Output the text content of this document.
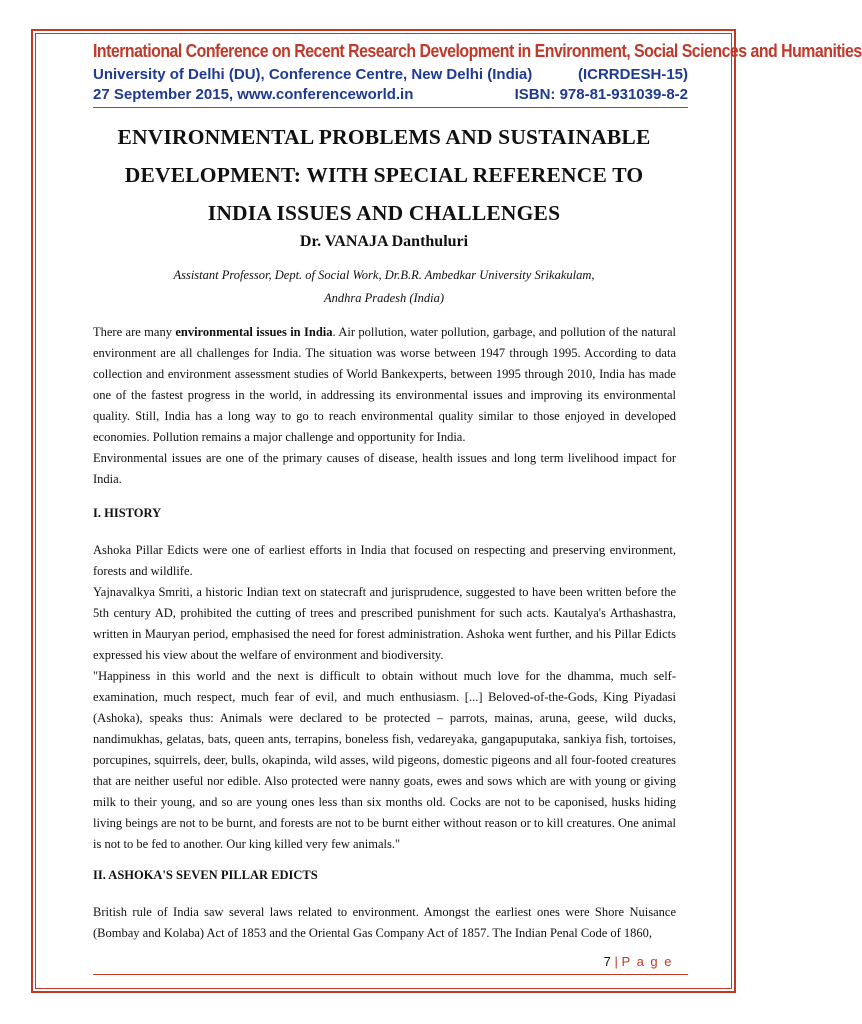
International Conference on Recent Research Development in Environment, Social Sciences and Humanities
University of Delhi (DU), Conference Centre, New Delhi (India)	(ICRRDESH-15)
27 September 2015, www.conferenceworld.in	ISBN: 978-81-931039-8-2
ENVIRONMENTAL PROBLEMS AND SUSTAINABLE
DEVELOPMENT: WITH SPECIAL REFERENCE TO
INDIA ISSUES AND CHALLENGES
Dr. VANAJA Danthuluri
Assistant Professor, Dept. of Social Work, Dr.B.R. Ambedkar University Srikakulam,
Andhra Pradesh (India)

There are many environmental issues in India. Air pollution, water pollution, garbage, and pollution of the natural environment are all challenges for India. The situation was worse between 1947 through 1995. According to data collection and environment assessment studies of World Bankexperts, between 1995 through 2010, India has made one of the fastest progress in the world, in addressing its environmental issues and improving its environmental quality. Still, India has a long way to go to reach environmental quality similar to those enjoyed in developed economies. Pollution remains a major challenge and opportunity for India.

Environmental issues are one of the primary causes of disease, health issues and long term livelihood impact for India.

I. HISTORY

Ashoka Pillar Edicts were one of earliest efforts in India that focused on respecting and preserving environment, forests and wildlife.

Yajnavalkya Smriti, a historic Indian text on statecraft and jurisprudence, suggested to have been written before the 5th century AD, prohibited the cutting of trees and prescribed punishment for such acts. Kautalya's Arthashastra, written in Mauryan period, emphasised the need for forest administration. Ashoka went further, and his Pillar Edicts expressed his view about the welfare of environment and biodiversity.

"Happiness in this world and the next is difficult to obtain without much love for the dhamma, much self-examination, much respect, much fear of evil, and much enthusiasm. [...] Beloved-of-the-Gods, King Piyadasi (Ashoka), speaks thus: Animals were declared to be protected – parrots, mainas, aruna, geese, wild ducks, nandimukhas, gelatas, bats, queen ants, terrapins, boneless fish, vedareyaka, gangapuputaka, sankiya fish, tortoises, porcupines, squirrels, deer, bulls, okapinda, wild asses, wild pigeons, domestic pigeons and all four-footed creatures that are neither useful nor edible. Also protected were nanny goats, ewes and sows which are with young or giving milk to their young, and so are young ones less than six months old. Cocks are not to be caponised, husks hiding living beings are not to be burnt, and forests are not to be burnt either without reason or to kill creatures. One animal is not to be fed to another. Our king killed very few animals."

II. ASHOKA'S SEVEN PILLAR EDICTS

British rule of India saw several laws related to environment. Amongst the earliest ones were Shore Nuisance (Bombay and Kolaba) Act of 1853 and the Oriental Gas Company Act of 1857. The Indian Penal Code of 1860,

7 | P a g e
